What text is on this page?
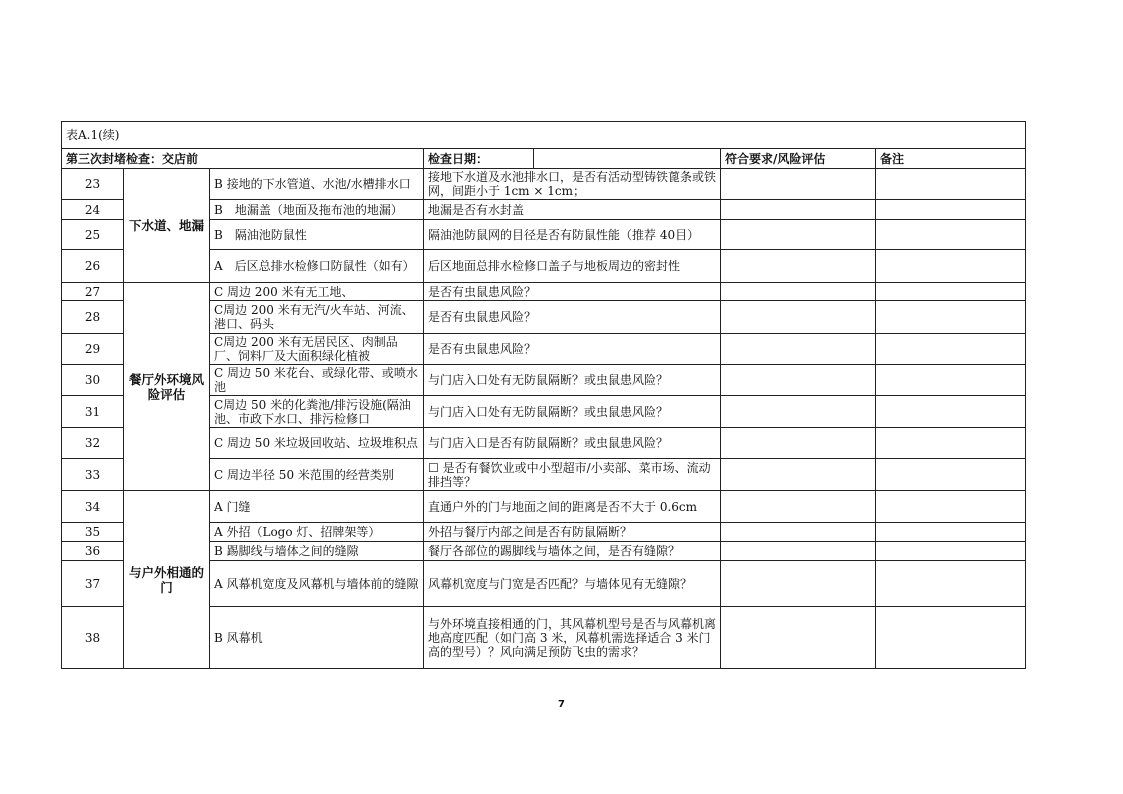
表A.1(续)						
第三次封堵检查：交店前			检查日期：		符合要求/风险评估	备注
23	下水道、地漏	B 接地的下水管道、水池/水槽排水口	接地下水道及水池排水口，是否有活动型铸铁蓖条或铁网，间距小于 1cm × 1cm；			
24		B　地漏盖（地面及拖布池的地漏）	地漏是否有水封盖			
25		B　隔油池防鼠性	隔油池防鼠网的目径是否有防鼠性能（推荐 40目）			
26		A　后区总排水检修口防鼠性（如有）	后区地面总排水检修口盖子与地板周边的密封性			
27	餐厅外环境风险评估	C 周边 200 米有无工地、	是否有虫鼠患风险？			
28		C周边 200 米有无汽/火车站、河流、港口、码头	是否有虫鼠患风险？			
29		C周边 200 米有无居民区、肉制品厂、饲料厂及大面积绿化植被	是否有虫鼠患风险？			
30		C 周边 50 米花台、或绿化带、或喷水池	与门店入口处有无防鼠隔断？或虫鼠患风险？			
31		C周边 50 米的化粪池/排污设施(隔油池、市政下水口、排污检修口	与门店入口处有无防鼠隔断？或虫鼠患风险？			
32		C 周边 50 米垃圾回收站、垃圾堆积点	与门店入口是否有防鼠隔断？或虫鼠患风险？			
33		C 周边半径 50 米范围的经营类别	☐ 是否有餐饮业或中小型超市/小卖部、菜市场、流动排挡等？			
34	与户外相通的门	A 门缝	直通户外的门与地面之间的距离是否不大于 0.6cm			
35		A 外招（Logo 灯、招牌架等）	外招与餐厅内部之间是否有防鼠隔断？			
36		B 踢脚线与墙体之间的缝隙	餐厅各部位的踢脚线与墙体之间，是否有缝隙？			
37		A 风幕机宽度及风幕机与墙体前的缝隙	风幕机宽度与门宽是否匹配？与墙体见有无缝隙？			
38		B 风幕机	与外环境直接相通的门，其风幕机型号是否与风幕机离地高度匹配（如门高 3 米，风幕机需选择适合 3 米门高的型号）？风向满足预防飞虫的需求？			
7
